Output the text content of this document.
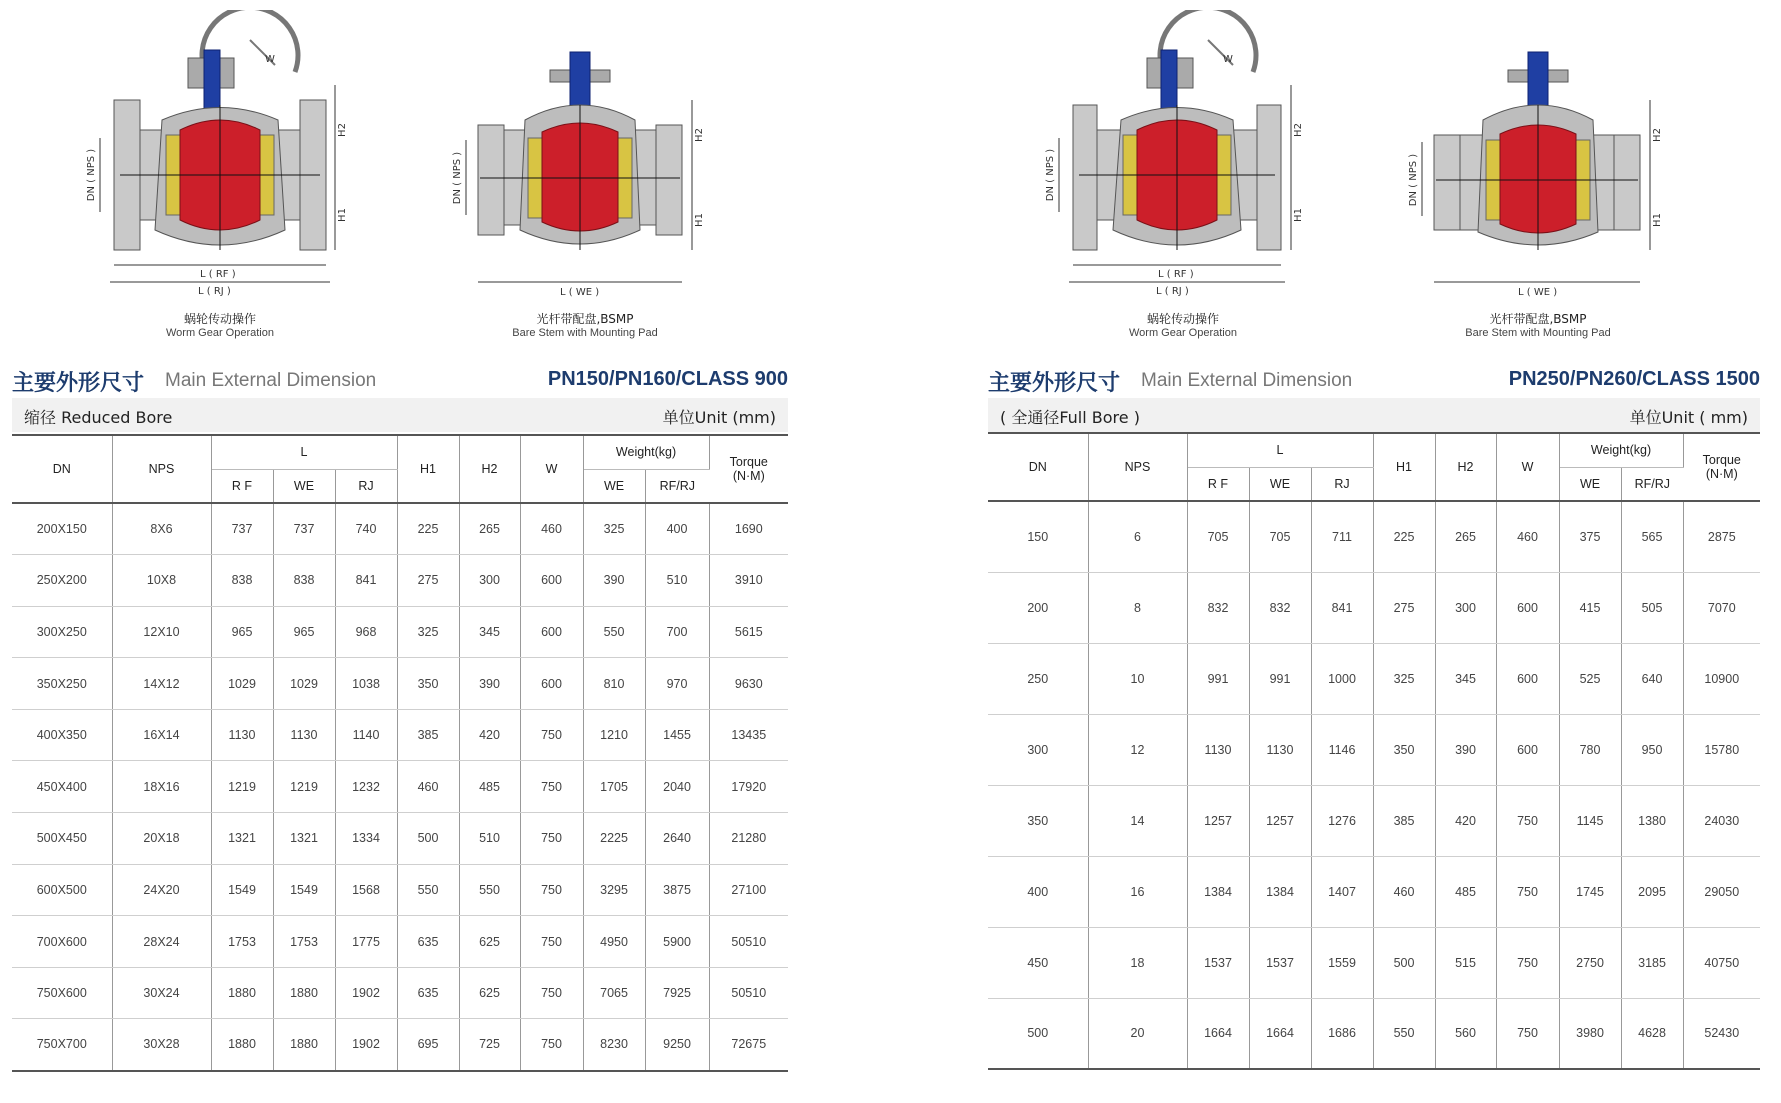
DN ( NPS )
H2
H1
W
L ( RF )
L ( RJ )
蜗轮传动操作
Worm Gear Operation
DN ( NPS )
H2
H1
L ( WE )
光杆带配盘,BSMP
Bare Stem with Mounting Pad
主要外形尺寸 Main External Dimension	PN150/PN160/CLASS 900
缩径 Reduced Bore	单位Unit (mm)
DN	NPS	L			H1	H2	W	Weight(kg)		Torque
(N·M)
		R F	WE	RJ				WE	RF/RJ	
200X150	8X6	737	737	740	225	265	460	325	400	1690
250X200	10X8	838	838	841	275	300	600	390	510	3910
300X250	12X10	965	965	968	325	345	600	550	700	5615
350X250	14X12	1029	1029	1038	350	390	600	810	970	9630
400X350	16X14	1130	1130	1140	385	420	750	1210	1455	13435
450X400	18X16	1219	1219	1232	460	485	750	1705	2040	17920
500X450	20X18	1321	1321	1334	500	510	750	2225	2640	21280
600X500	24X20	1549	1549	1568	550	550	750	3295	3875	27100
700X600	28X24	1753	1753	1775	635	625	750	4950	5900	50510
750X600	30X24	1880	1880	1902	635	625	750	7065	7925	50510
750X700	30X28	1880	1880	1902	695	725	750	8230	9250	72675
DN ( NPS )
H2
H1
W
L ( RF )
L ( RJ )
蜗轮传动操作
Worm Gear Operation
DN ( NPS )
H2
H1
L ( WE )
光杆带配盘,BSMP
Bare Stem with Mounting Pad
主要外形尺寸 Main External Dimension	PN250/PN260/CLASS 1500
( 全通径Full Bore )	单位Unit ( mm)
DN	NPS	L			H1	H2	W	Weight(kg)		Torque
(N·M)
		R F	WE	RJ				WE	RF/RJ	
150	6	705	705	711	225	265	460	375	565	2875
200	8	832	832	841	275	300	600	415	505	7070
250	10	991	991	1000	325	345	600	525	640	10900
300	12	1130	1130	1146	350	390	600	780	950	15780
350	14	1257	1257	1276	385	420	750	1145	1380	24030
400	16	1384	1384	1407	460	485	750	1745	2095	29050
450	18	1537	1537	1559	500	515	750	2750	3185	40750
500	20	1664	1664	1686	550	560	750	3980	4628	52430
